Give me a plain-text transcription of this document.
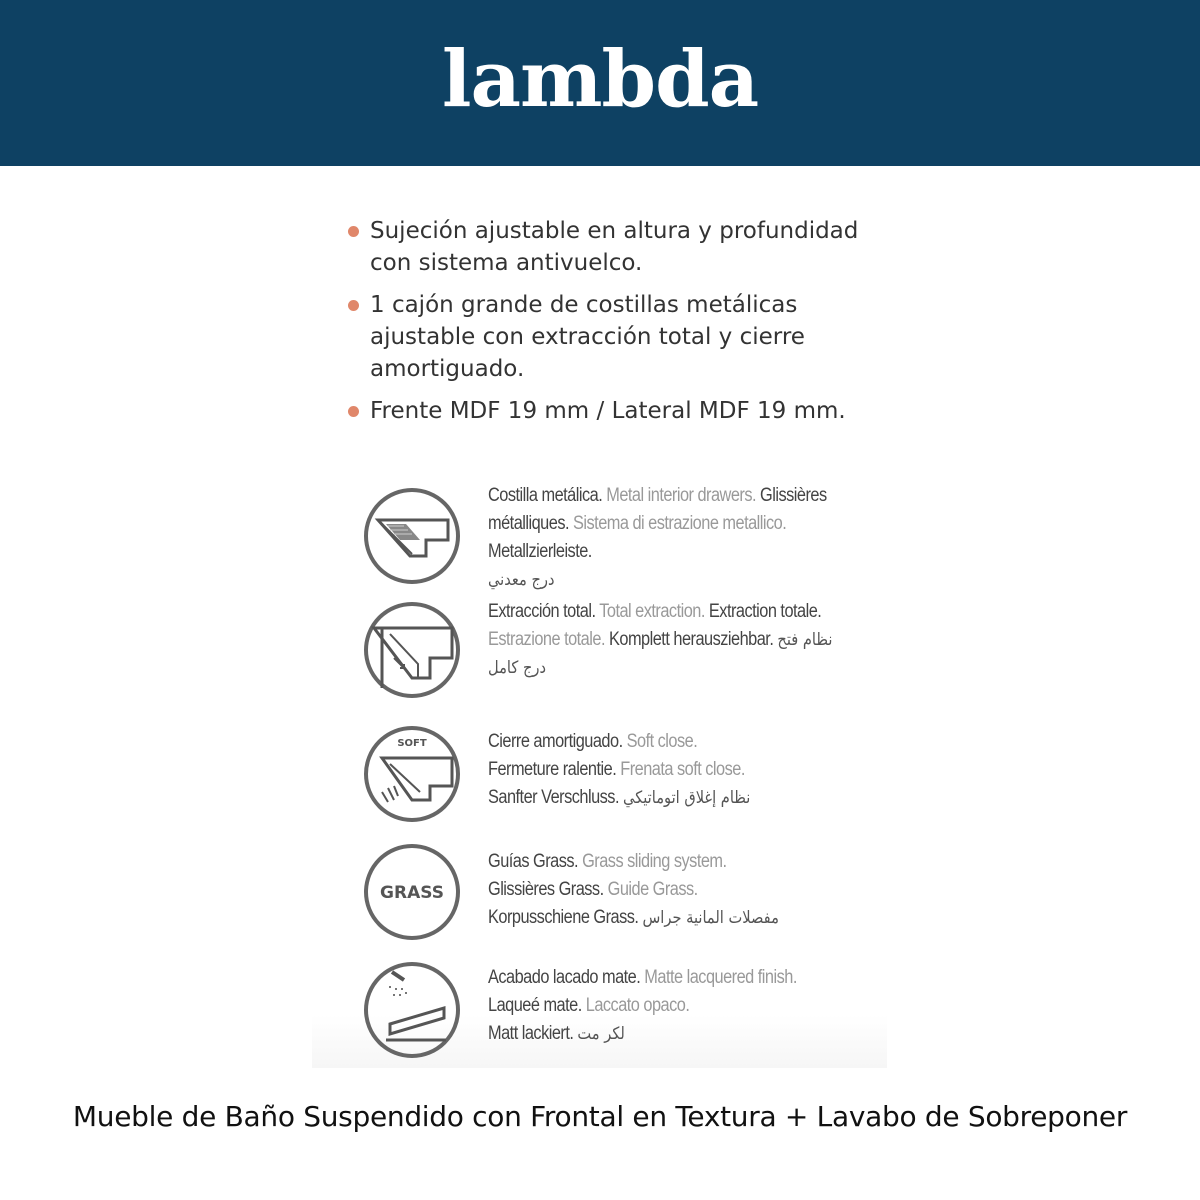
lambda
Sujeción ajustable en altura y profundidad con sistema antivuelco.
1 cajón grande de costillas metálicas ajustable con extracción total y cierre amortiguado.
Frente MDF 19 mm / Lateral MDF 19 mm.
Costilla metálica. Metal interior drawers. Glissières métalliques. Sistema di estrazione metallico. Metallzierleiste.
درج معدني
Extracción total. Total extraction. Extraction totale. Estrazione totale. Komplett herausziehbar. نظام فتح درج كامل
SOFT	Cierre amortiguado. Soft close.
Fermeture ralentie. Frenata soft close.
Sanfter Verschluss. نظام إغلاق اتوماتيكي
GRASS
Guías Grass. Grass sliding system.
Glissières Grass. Guide Grass.
Korpusschiene Grass. مفصلات المانية جراس
Acabado lacado mate. Matte lacquered finish. Laqueé mate. Laccato opaco.
Matt lackiert. لكر مت
Mueble de Baño Suspendido con Frontal en Textura + Lavabo de Sobreponer
